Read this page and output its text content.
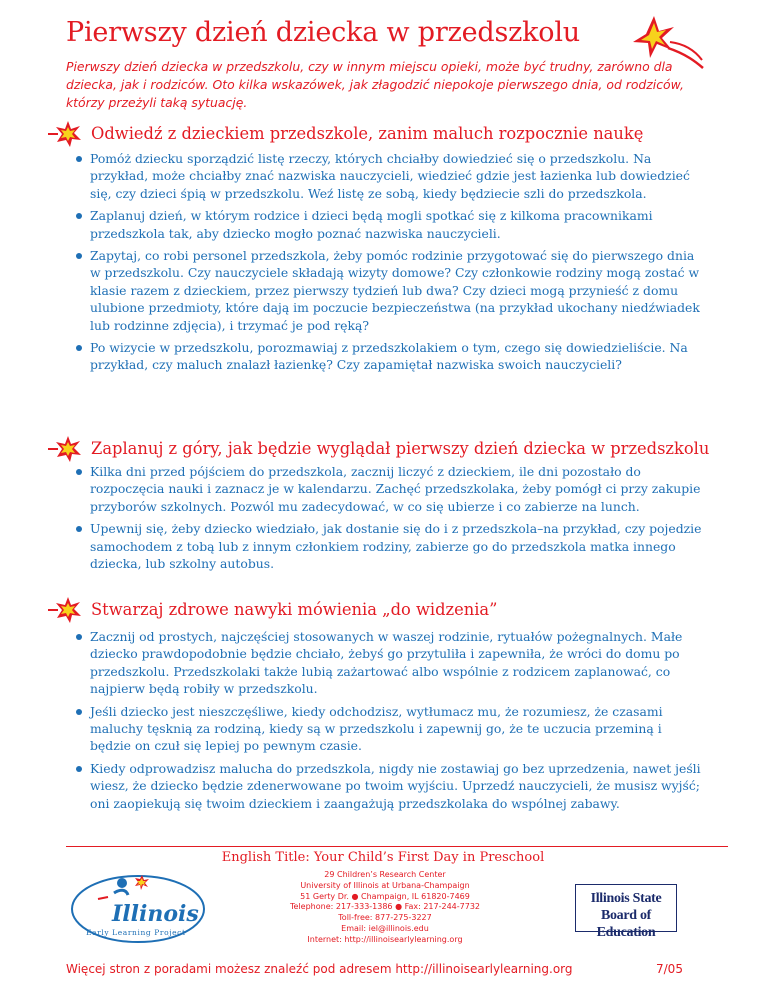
Pierwszy dzień dziecka w przedszkolu

Pierwszy dzień dziecka w przedszkolu, czy w innym miejscu opieki, może być trudny, zarówno dla dziecka, jak i rodziców. Oto kilka wskazówek, jak złagodzić niepokoje pierwszego dnia, od rodziców, którzy przeżyli taką sytuację.

Odwiedź z dzieckiem przedszkole, zanim maluch rozpocznie naukę
Pomóż dziecku sporządzić listę rzeczy, których chciałby dowiedzieć się o przedszkolu. Na przykład, może chciałby znać nazwiska nauczycieli, wiedzieć gdzie jest łazienka lub dowiedzieć się, czy dzieci śpią w przedszkolu. Weź listę ze sobą, kiedy będziecie szli do przedszkola.
Zaplanuj dzień, w którym rodzice i dzieci będą mogli spotkać się z kilkoma pracownikami przedszkola tak, aby dziecko mogło poznać nazwiska nauczycieli.
Zapytaj, co robi personel przedszkola, żeby pomóc rodzinie przygotować się do pierwszego dnia w przedszkolu. Czy nauczyciele składają wizyty domowe? Czy członkowie rodziny mogą zostać w klasie razem z dzieckiem, przez pierwszy tydzień lub dwa? Czy dzieci mogą przynieść z domu ulubione przedmioty, które dają im poczucie bezpieczeństwa (na przykład ukochany niedźwiadek lub rodzinne zdjęcia), i trzymać je pod ręką?
Po wizycie w przedszkolu, porozmawiaj z przedszkolakiem o tym, czego się dowiedzieliście. Na przykład, czy maluch znalazł łazienkę? Czy zapamiętał nazwiska swoich nauczycieli?
Zaplanuj z góry, jak będzie wyglądał pierwszy dzień dziecka w przedszkolu
Kilka dni przed pójściem do przedszkola, zacznij liczyć z dzieckiem, ile dni pozostało do rozpoczęcia nauki i zaznacz je w kalendarzu. Zachęć przedszkolaka, żeby pomógł ci przy zakupie przyborów szkolnych. Pozwól mu zadecydować, w co się ubierze i co zabierze na lunch.
Upewnij się, żeby dziecko wiedziało, jak dostanie się do i z przedszkola–na przykład, czy pojedzie samochodem z tobą lub z innym członkiem rodziny, zabierze go do przedszkola matka innego dziecka, lub szkolny autobus.
Stwarzaj zdrowe nawyki mówienia „do widzenia”
Zacznij od prostych, najczęściej stosowanych w waszej rodzinie, rytuałów pożegnalnych. Małe dziecko prawdopodobnie będzie chciało, żebyś go przytuliła i zapewniła, że wróci do domu po przedszkolu. Przedszkolaki także lubią zażartować albo wspólnie z rodzicem zaplanować, co najpierw będą robiły w przedszkolu.
Jeśli dziecko jest nieszczęśliwe, kiedy odchodzisz, wytłumacz mu, że rozumiesz, że czasami maluchy tęsknią za rodziną, kiedy są w przedszkolu i zapewnij go, że te uczucia przeminą i będzie on czuł się lepiej po pewnym czasie.
Kiedy odprowadzisz malucha do przedszkola, nigdy nie zostawiaj go bez uprzedzenia, nawet jeśli wiesz, że dziecko będzie zdenerwowane po twoim wyjściu. Uprzedź nauczycieli, że musisz wyjść; oni zaopiekują się twoim dzieckiem i zaangażują przedszkolaka do wspólnej zabawy.

English Title: Your Child’s First Day in Preschool

Illinois
Early Learning Project
29 Children’s Research Center
University of Illinois at Urbana-Champaign
51 Gerty Dr. ● Champaign, IL 61820-7469
Telephone: 217-333-1386 ● Fax: 217-244-7732
Toll-free: 877-275-3227
Email: iel@illinois.edu
Internet: http://illinoisearlylearning.org
Illinois State
Board of Education

Więcej stron z poradami możesz znaleźć pod adresem http://illinoisearlylearning.org	7/05
